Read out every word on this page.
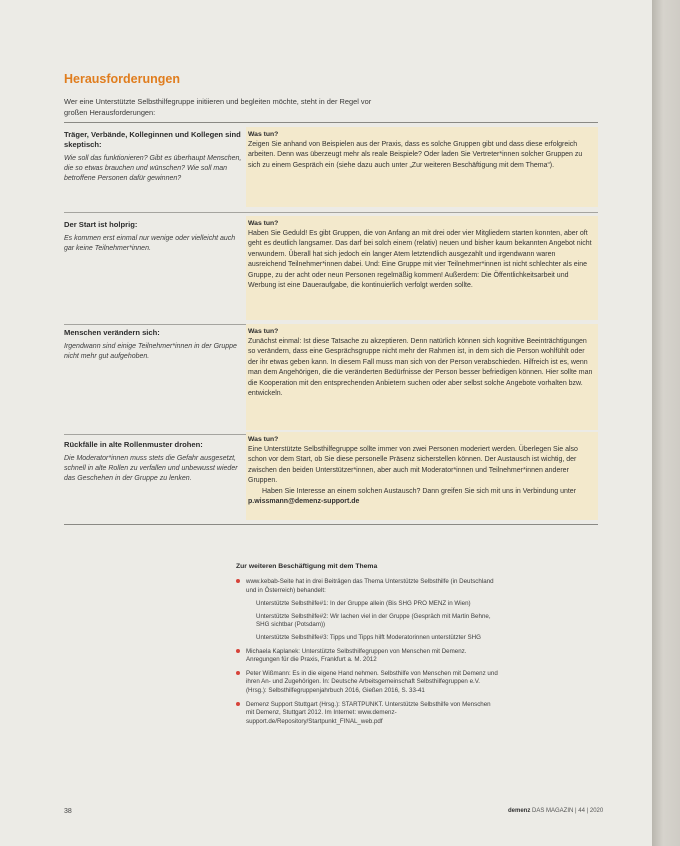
Herausforderungen

Wer eine Unterstützte Selbsthilfegruppe initiieren und begleiten möchte, steht in der Regel vor großen Herausforderungen:

Träger, Verbände, Kolleginnen und Kollegen sind skeptisch:

Wie soll das funktionieren? Gibt es überhaupt Menschen, die so etwas brauchen und wünschen? Wie soll man betroffene Personen dafür gewinnen?

Was tun?

Zeigen Sie anhand von Beispielen aus der Praxis, dass es solche Gruppen gibt und dass diese erfolgreich arbeiten. Denn was überzeugt mehr als reale Beispiele? Oder laden Sie Vertreter*innen solcher Gruppen zu sich zu einem Gespräch ein (siehe dazu auch unter „Zur weiteren Beschäftigung mit dem Thema“).

Der Start ist holprig:

Es kommen erst einmal nur wenige oder vielleicht auch gar keine Teilnehmer*innen.

Was tun?

Haben Sie Geduld! Es gibt Gruppen, die von Anfang an mit drei oder vier Mitgliedern starten konnten, aber oft geht es deutlich langsamer. Das darf bei solch einem (relativ) neuen und bisher kaum bekannten Angebot nicht verwundern. Überall hat sich jedoch ein langer Atem letztendlich ausgezahlt und irgendwann waren ausreichend Teilnehmer*innen dabei. Und: Eine Gruppe mit vier Teilnehmer*innen ist nicht schlechter als eine Gruppe, zu der acht oder neun Personen regelmäßig kommen! Außerdem: Die Öffentlichkeitsarbeit und Werbung ist eine Daueraufgabe, die kontinuierlich verfolgt werden sollte.

Menschen verändern sich:

Irgendwann sind einige Teilnehmer*innen in der Gruppe nicht mehr gut aufgehoben.

Was tun?

Zunächst einmal: Ist diese Tatsache zu akzeptieren. Denn natürlich können sich kognitive Beeinträchtigungen so verändern, dass eine Gesprächsgruppe nicht mehr der Rahmen ist, in dem sich die Person wohlfühlt oder der ihr etwas geben kann. In diesem Fall muss man sich von der Person verabschieden. Hilfreich ist es, wenn man dem Angehörigen, die die veränderten Bedürfnisse der Person besser befriedigen können. Hier sollte man die Kooperation mit den entsprechenden Anbietern suchen oder aber selbst solche Angebote vorhalten bzw. entwickeln.

Rückfälle in alte Rollenmuster drohen:

Die Moderator*innen muss stets die Gefahr ausgesetzt, schnell in alte Rollen zu verfallen und unbewusst wieder das Geschehen in der Gruppe zu lenken.

Was tun?

Eine Unterstützte Selbsthilfegruppe sollte immer von zwei Personen moderiert werden. Überlegen Sie also schon vor dem Start, ob Sie diese personelle Präsenz sicherstellen können. Der Austausch ist wichtig, der zwischen den beiden Unterstützer*innen, aber auch mit Moderator*innen und Teilnehmer*innen anderer Gruppen.

Haben Sie Interesse an einem solchen Austausch? Dann greifen Sie sich mit uns in Verbindung unter p.wissmann@demenz-support.de

Zur weiteren Beschäftigung mit dem Thema
www.kebab-Seite hat in drei Beiträgen das Thema Unterstützte Selbsthilfe (in Deutschland und in Österreich) behandelt:
Unterstützte Selbsthilfe#1: In der Gruppe allein (Bis SHG PRO MENZ in Wien)
Unterstützte Selbsthilfe#2: Wir lachen viel in der Gruppe (Gespräch mit Martin Behne, SHG sichtbar (Potsdam))
Unterstützte Selbsthilfe#3: Tipps und Tipps hilft Moderatorinnen unterstützter SHG
Michaela Kaplanek: Unterstützte Selbsthilfegruppen von Menschen mit Demenz. Anregungen für die Praxis, Frankfurt a. M. 2012
Peter Wißmann: Es in die eigene Hand nehmen. Selbsthilfe von Menschen mit Demenz und ihren An- und Zugehörigen. In: Deutsche Arbeitsgemeinschaft Selbsthilfegruppen e.V. (Hrsg.): Selbsthilfegruppenjahrbuch 2016, Gießen 2016, S. 33-41
Demenz Support Stuttgart (Hrsg.): STARTPUNKT. Unterstützte Selbsthilfe von Menschen mit Demenz, Stuttgart 2012. Im Internet: www.demenz-support.de/Repository/Startpunkt_FINAL_web.pdf
38	demenz DAS MAGAZIN | 44 | 2020
